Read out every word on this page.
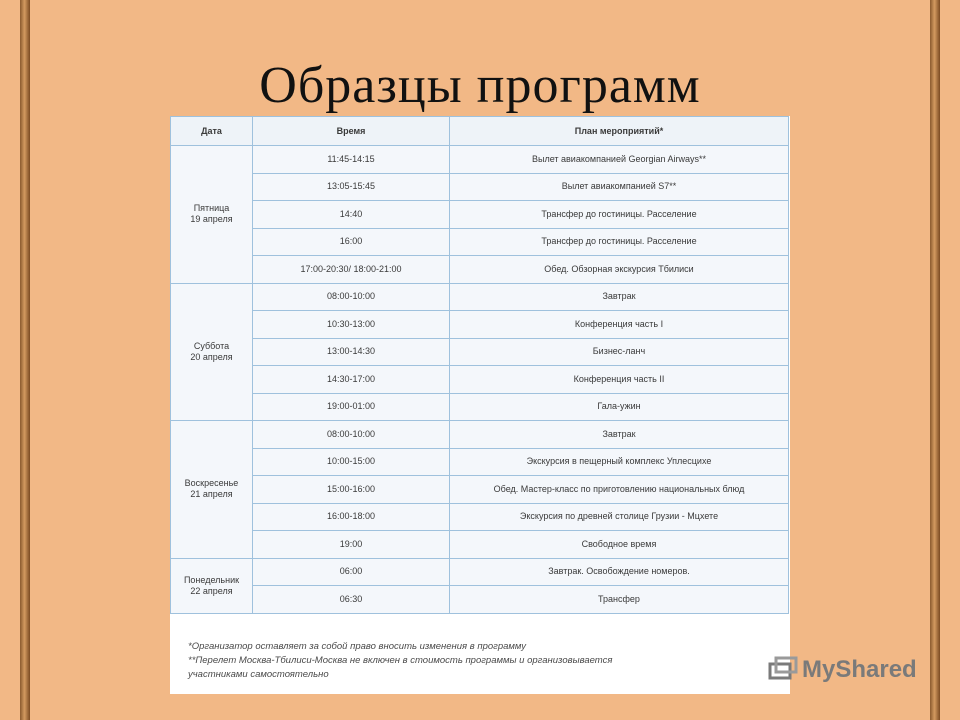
Образцы программ
Дата	Время	План мероприятий*

Пятница
19 апреля	11:45-14:15	Вылет авиакомпанией Georgian Airways**
	13:05-15:45	Вылет авиакомпанией S7**
	14:40	Трансфер до гостиницы. Расселение
	16:00	Трансфер до гостиницы. Расселение
	17:00-20:30/ 18:00-21:00	Обед. Обзорная экскурсия Тбилиси

Суббота
20 апреля	08:00-10:00	Завтрак
	10:30-13:00	Конференция часть I
	13:00-14:30	Бизнес-ланч
	14:30-17:00	Конференция часть II
	19:00-01:00	Гала-ужин

Воскресенье
21 апреля	08:00-10:00	Завтрак
	10:00-15:00	Экскурсия в пещерный комплекс Уплесцихе
	15:00-16:00	Обед. Мастер-класс по приготовлению национальных блюд
	16:00-18:00	Экскурсия по древней столице Грузии - Мцхете
	19:00	Свободное время

Понедельник
22 апреля	06:00	Завтрак. Освобождение номеров.
	06:30	Трансфер
*Организатор оставляет за собой право вносить изменения в программу
**Перелет Москва-Тбилиси-Москва не включен в стоимость программы и организовывается
участниками самостоятельно	MyShared
